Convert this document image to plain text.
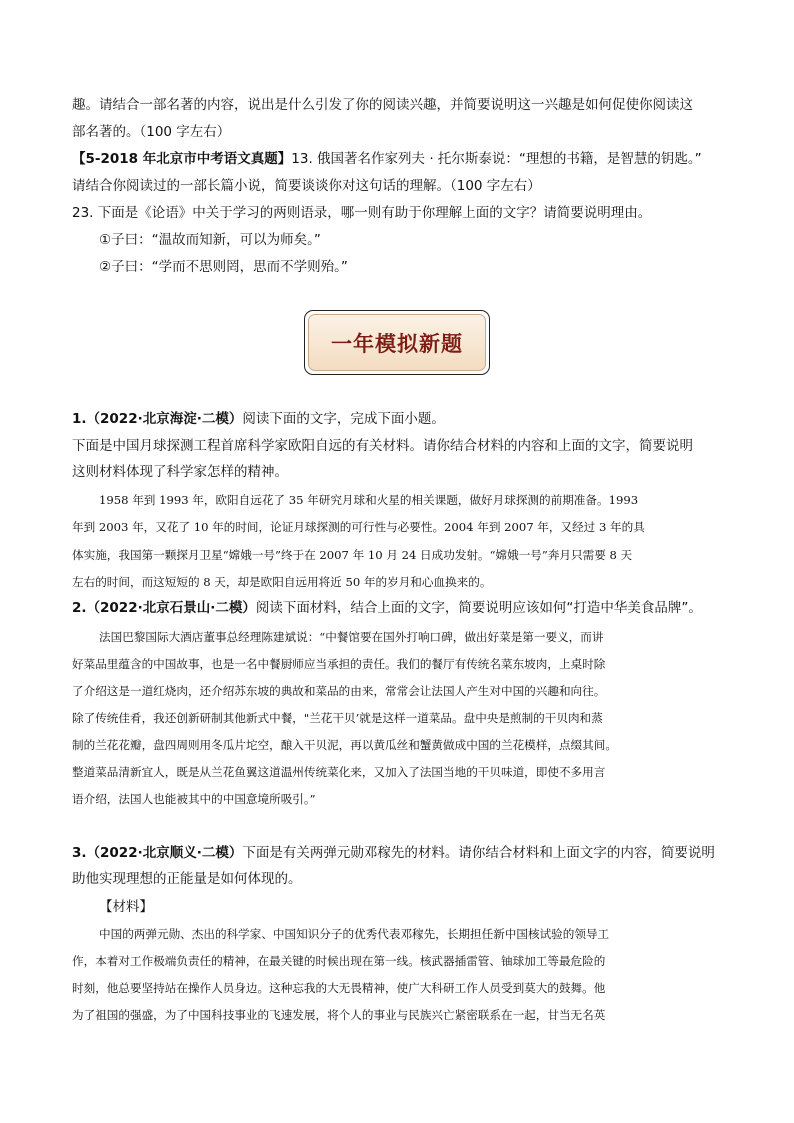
趣。请结合一部名著的内容，说出是什么引发了你的阅读兴趣，并简要说明这一兴趣是如何促使你阅读这
部名著的。（100 字左右）
【5-2018 年北京市中考语文真题】13. 俄国著名作家列夫 · 托尔斯泰说：“理想的书籍，是智慧的钥匙。”
请结合你阅读过的一部长篇小说，简要谈谈你对这句话的理解。（100 字左右）
23. 下面是《论语》中关于学习的两则语录，哪一则有助于你理解上面的文字？请简要说明理由。
①子曰：“温故而知新，可以为师矣。”
②子曰：“学而不思则罔，思而不学则殆。”
一年模拟新题
1.（2022·北京海淀·二模）阅读下面的文字，完成下面小题。
下面是中国月球探测工程首席科学家欧阳自远的有关材料。请你结合材料的内容和上面的文字，简要说明
这则材料体现了科学家怎样的精神。
1958 年到 1993 年，欧阳自远花了 35 年研究月球和火星的相关课题，做好月球探测的前期准备。1993
年到 2003 年，又花了 10 年的时间，论证月球探测的可行性与必要性。2004 年到 2007 年，又经过 3 年的具
体实施，我国第一颗探月卫星“嫦娥一号”终于在 2007 年 10 月 24 日成功发射。“嫦娥一号”奔月只需要 8 天
左右的时间，而这短短的 8 天，却是欧阳自远用将近 50 年的岁月和心血换来的。
2.（2022·北京石景山·二模）阅读下面材料，结合上面的文字，简要说明应该如何“打造中华美食品牌”。
法国巴黎国际大酒店董事总经理陈建斌说：“中餐馆要在国外打响口碑，做出好菜是第一要义，而讲
好菜品里蕴含的中国故事，也是一名中餐厨师应当承担的责任。我们的餐厅有传统名菜东坡肉，上桌时除
了介绍这是一道红烧肉，还介绍苏东坡的典故和菜品的由来，常常会让法国人产生对中国的兴趣和向往。
除了传统佳肴，我还创新研制其他新式中餐，"兰花干贝’就是这样一道菜品。盘中央是煎制的干贝肉和蒸
制的兰花花瓣，盘四周则用冬瓜片坨空，酿入干贝泥，再以黄瓜丝和蟹黄做成中国的兰花模样，点缀其间。
整道菜品清新宜人，既是从兰花鱼翼这道温州传统菜化来，又加入了法国当地的干贝味道，即使不多用言
语介绍，法国人也能被其中的中国意境所吸引。”
3.（2022·北京顺义·二模）下面是有关两弹元勋邓稼先的材料。请你结合材料和上面文字的内容，简要说明
助他实现理想的正能量是如何体现的。
【材料】
中国的两弹元勋、杰出的科学家、中国知识分子的优秀代表邓稼先，长期担任新中国核试验的领导工
作，本着对工作极端负责任的精神，在最关键的时候出现在第一线。核武器插雷管、铀球加工等最危险的
时刻，他总要坚持站在操作人员身边。这种忘我的大无畏精神，使广大科研工作人员受到莫大的鼓舞。他
为了祖国的强盛，为了中国科技事业的飞速发展，将个人的事业与民族兴亡紧密联系在一起，甘当无名英
